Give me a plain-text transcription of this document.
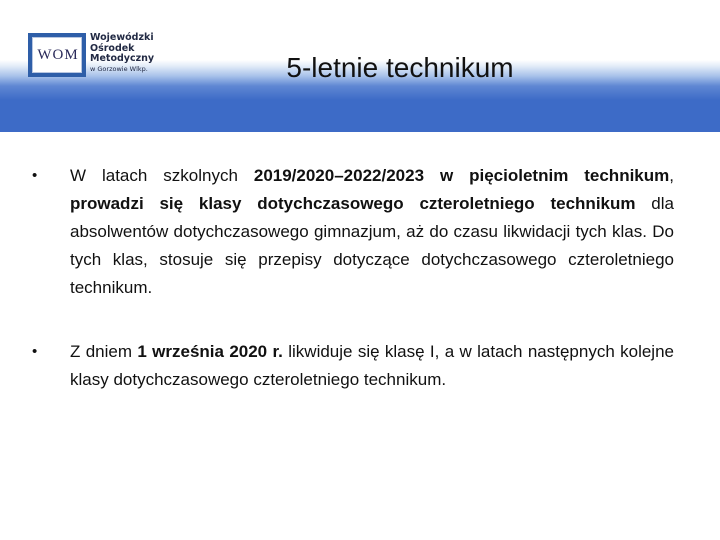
WOM
Wojewódzki
Ośrodek
Metodyczny
w Gorzowie Wlkp.	5-letnie technikum
• W latach szkolnych 2019/2020–2022/2023 w pięcioletnim technikum, prowadzi się klasy dotychczasowego czteroletniego technikum dla absolwentów dotychczasowego gimnazjum, aż do czasu likwidacji tych klas. Do tych klas, stosuje się przepisy dotyczące dotychczasowego czteroletniego technikum.
• Z dniem 1 września 2020 r. likwiduje się klasę I, a w latach następnych kolejne klasy dotychczasowego czteroletniego technikum.
